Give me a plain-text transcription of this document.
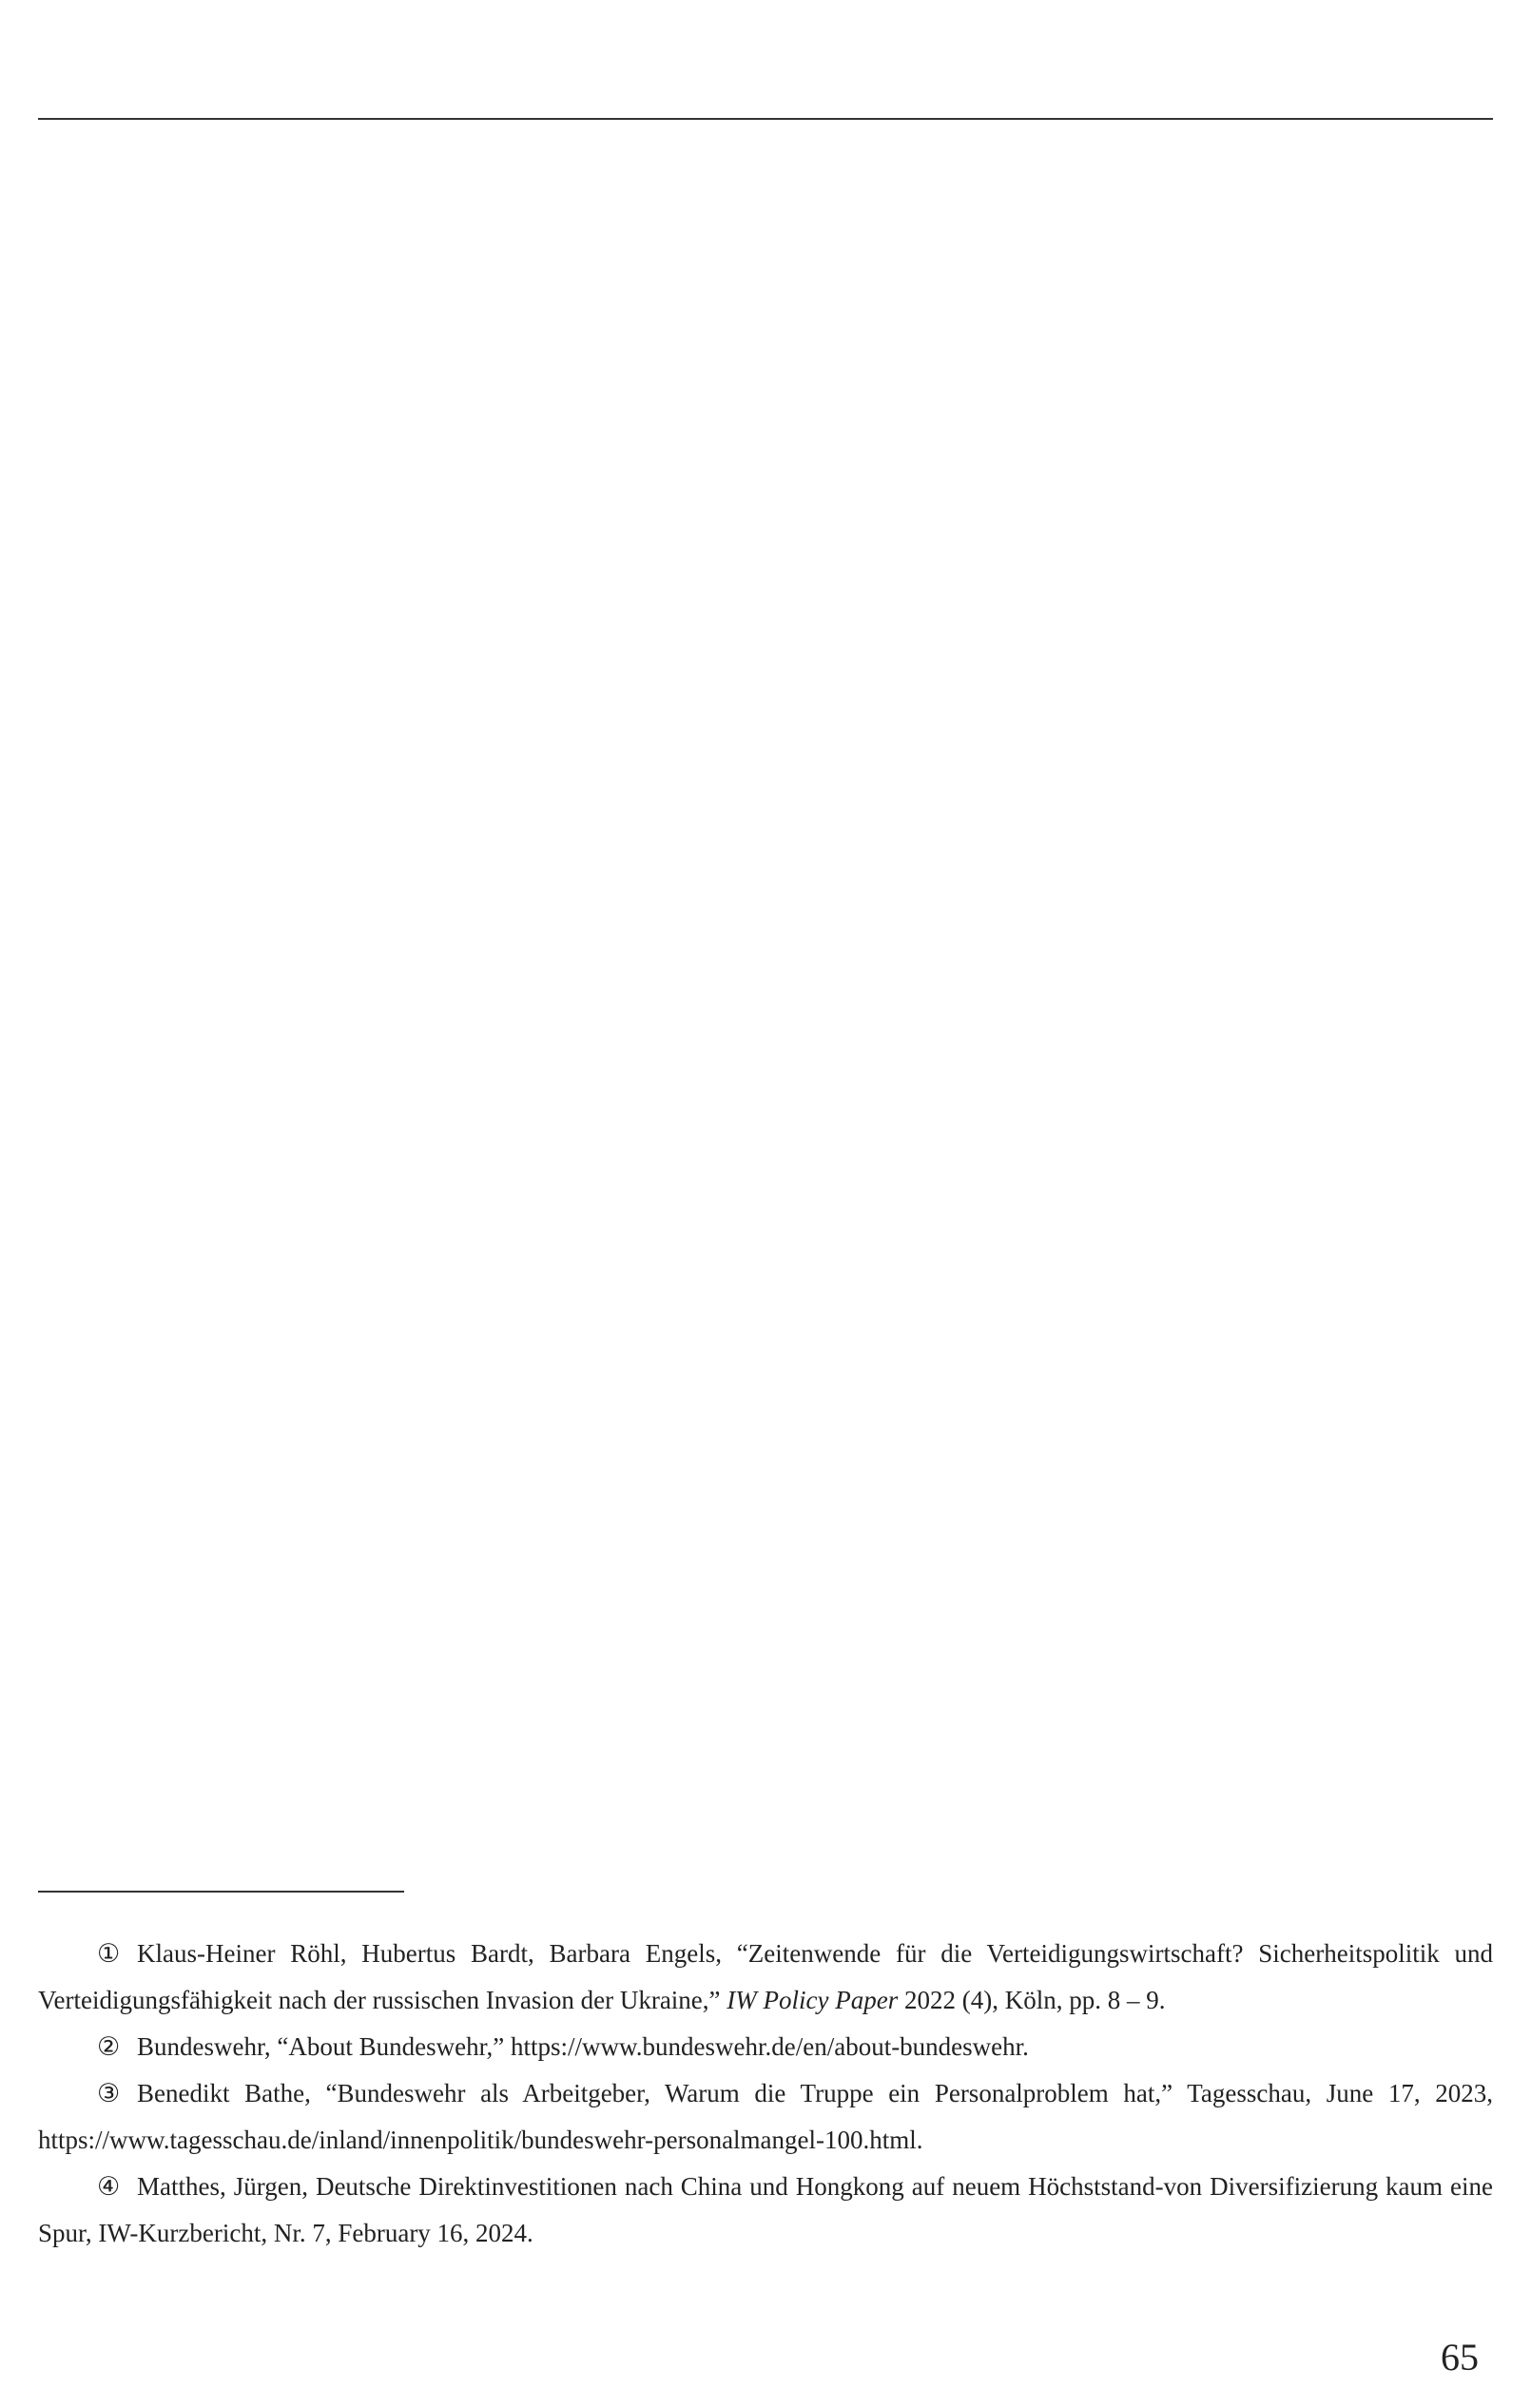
① Klaus-Heiner Röhl, Hubertus Bardt, Barbara Engels, “Zeitenwende für die Verteidigungswirtschaft? Sicherheitspolitik und Verteidigungsfähigkeit nach der russischen Invasion der Ukraine,” IW Policy Paper 2022 (4), Köln, pp. 8 – 9.

② Bundeswehr, “About Bundeswehr,” https://www.bundeswehr.de/en/about-bundeswehr.

③ Benedikt Bathe, “Bundeswehr als Arbeitgeber, Warum die Truppe ein Personalproblem hat,” Tagesschau, June 17, 2023, https://www.tagesschau.de/inland/innenpolitik/bundeswehr-personalmangel-100.html.

④ Matthes, Jürgen, Deutsche Direktinvestitionen nach China und Hongkong auf neuem Höchststand-von Diversifizierung kaum eine Spur, IW-Kurzbericht, Nr. 7, February 16, 2024.

65
